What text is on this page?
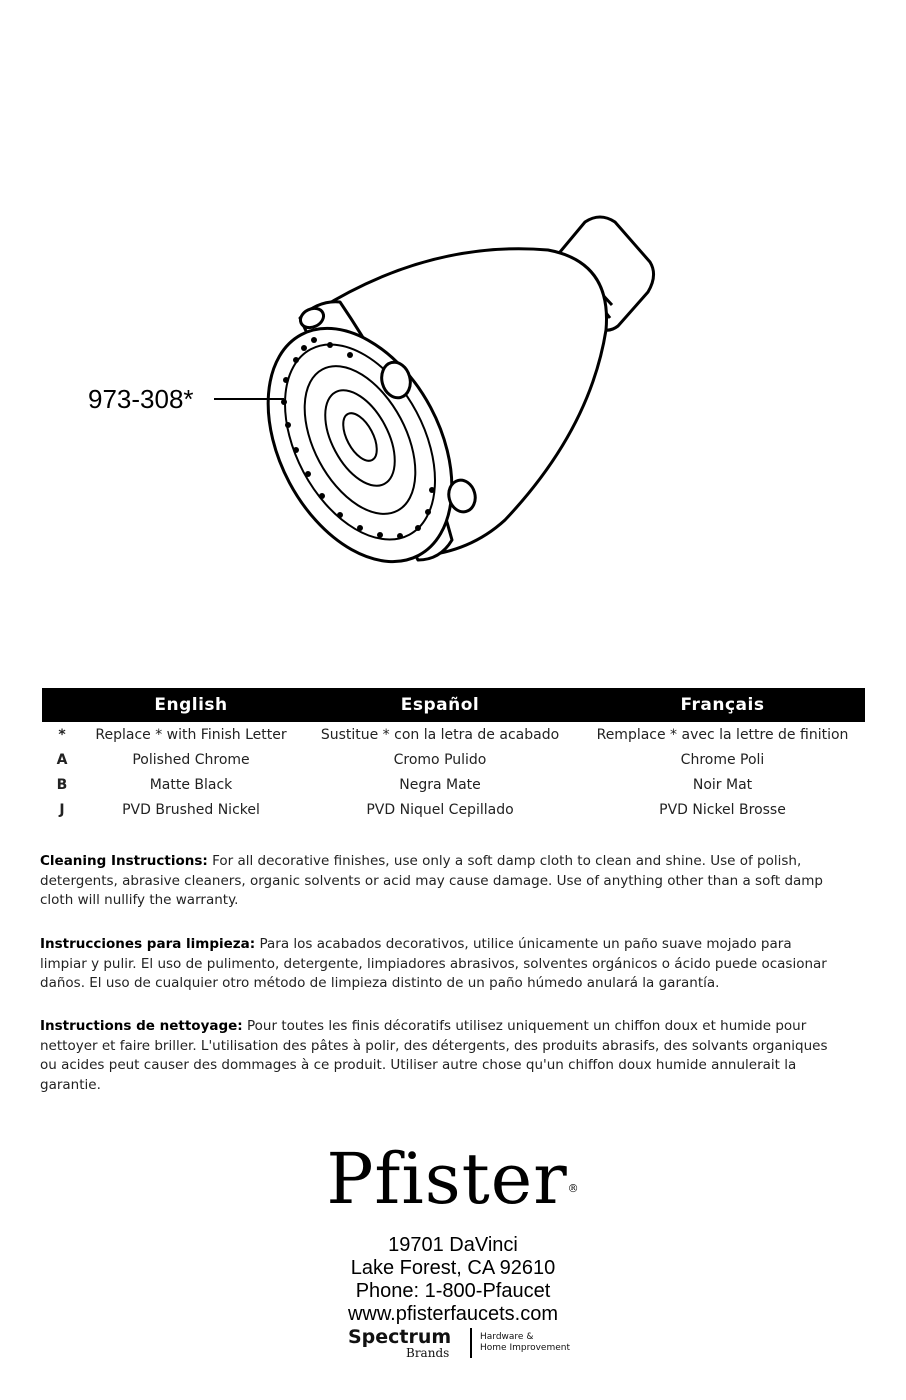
973-308*
	English	Español	Français
*	Replace * with Finish Letter	Sustitue * con la letra de acabado	Remplace * avec la lettre de finition
A	Polished Chrome	Cromo Pulido	Chrome Poli
B	Matte Black	Negra Mate	Noir Mat
J	PVD Brushed Nickel	PVD Niquel Cepillado	PVD Nickel Brosse

Cleaning Instructions: For all decorative finishes, use only a soft damp cloth to clean and shine. Use of polish, detergents, abrasive cleaners, organic solvents or acid may cause damage. Use of anything other than a soft damp cloth will nullify the warranty.

Instrucciones para limpieza: Para los acabados decorativos, utilice únicamente un paño suave mojado para limpiar y pulir. El uso de pulimento, detergente, limpiadores abrasivos, solventes orgánicos o ácido puede ocasionar daños. El uso de cualquier otro método de limpieza distinto de un paño húmedo anulará la garantía.

Instructions de nettoyage: Pour toutes les finis décoratifs utilisez uniquement un chiffon doux et humide pour nettoyer et faire briller. L'utilisation des pâtes à polir, des détergents, des produits abrasifs, des solvants organiques ou acides peut causer des dommages à ce produit. Utiliser autre chose qu'un chiffon doux humide annulerait la garantie.

Pfister®
19701 DaVinci
Lake Forest, CA 92610
Phone: 1-800-Pfaucet
www.pfisterfaucets.com
Spectrum
Brands
Hardware &
Home Improvement
